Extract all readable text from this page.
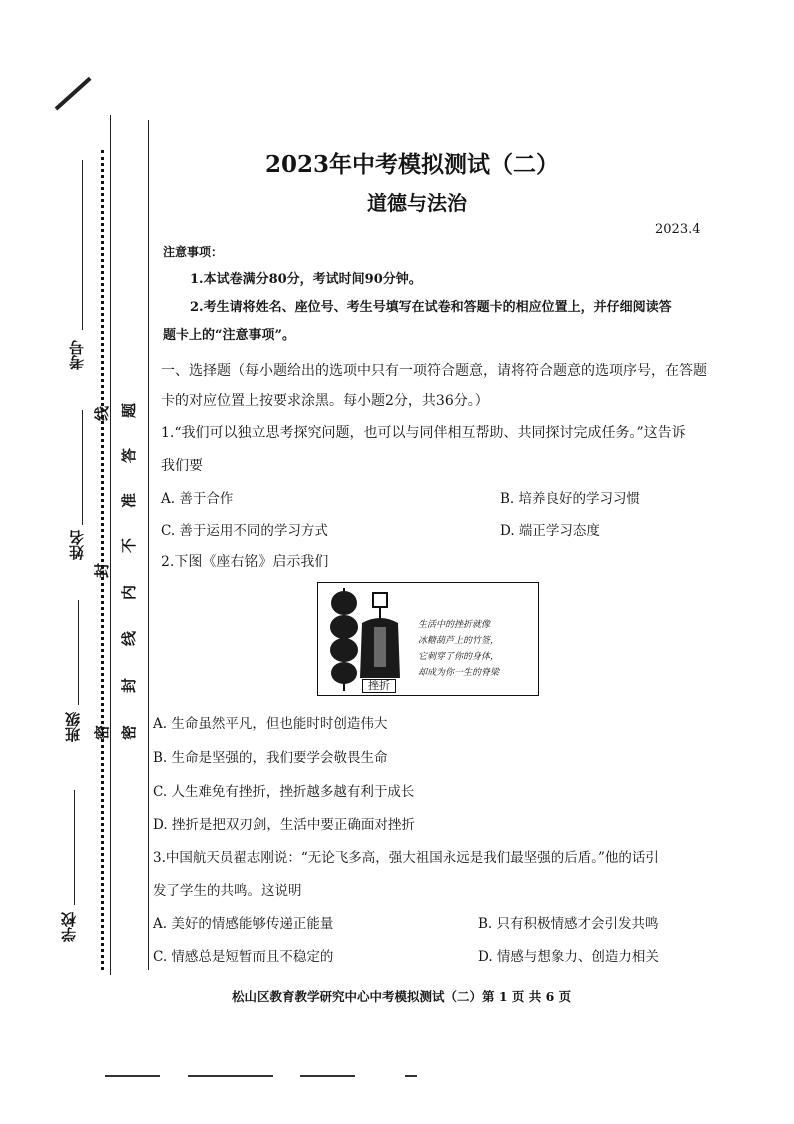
考号
姓名
班级
学校
题
答
准
不
内
线
封
密
线
封
密
2023年中考模拟测试（二）
道德与法治
2023.4
注意事项：
1.本试卷满分80分，考试时间90分钟。
2.考生请将姓名、座位号、考生号填写在试卷和答题卡的相应位置上，并仔细阅读答
题卡上的“注意事项”。
一、选择题（每小题给出的选项中只有一项符合题意，请将符合题意的选项序号，在答题
卡的对应位置上按要求涂黑。每小题2分，共36分。）
1.“我们可以独立思考探究问题，也可以与同伴相互帮助、共同探讨完成任务。”这告诉
我们要
A. 善于合作	B. 培养良好的学习习惯
C. 善于运用不同的学习方式	D. 端正学习态度
2.下图《座右铭》启示我们
挫折
生活中的挫折就像
冰糖葫芦上的竹签，
它刺穿了你的身体，
却成为你一生的脊梁
A. 生命虽然平凡，但也能时时创造伟大
B. 生命是坚强的，我们要学会敬畏生命
C. 人生难免有挫折，挫折越多越有利于成长
D. 挫折是把双刃剑，生活中要正确面对挫折
3.中国航天员翟志刚说：“无论飞多高，强大祖国永远是我们最坚强的后盾。”他的话引
发了学生的共鸣。这说明
A. 美好的情感能够传递正能量	B. 只有积极情感才会引发共鸣
C. 情感总是短暂而且不稳定的	D. 情感与想象力、创造力相关
松山区教育教学研究中心中考模拟测试（二）第 1 页 共 6 页
